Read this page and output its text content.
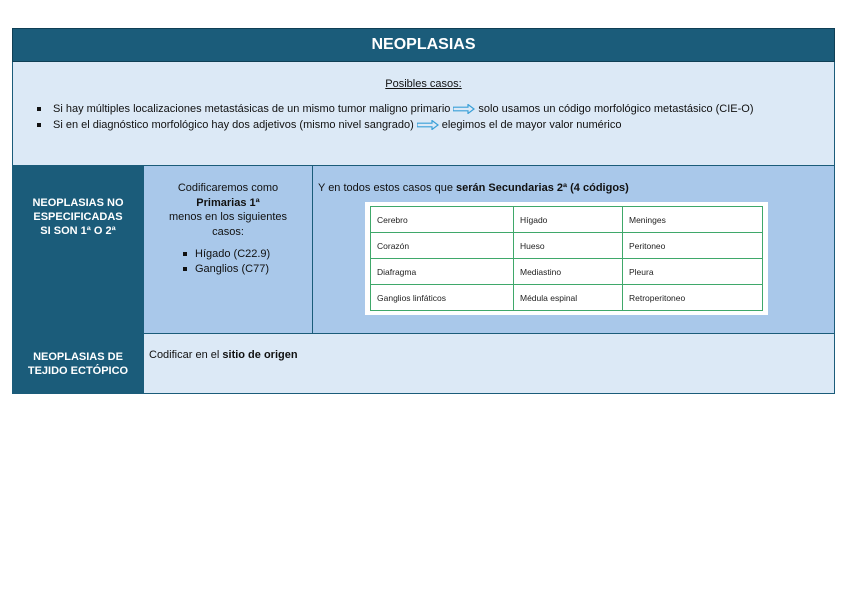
NEOPLASIAS
Posibles casos:
Si hay múltiples localizaciones metastásicas de un mismo tumor maligno primario	solo usamos un código morfológico metastásico (CIE-O)
Si en el diagnóstico morfológico hay dos adjetivos (mismo nivel sangrado)	elegimos el de mayor valor numérico
NEOPLASIAS NO
ESPECIFICADAS
SI SON 1ª O 2ª
Codificaremos como
Primarias 1ª
menos en los siguientes
casos:
Hígado (C22.9)
Ganglios (C77)
Y en todos estos casos que serán Secundarias 2ª (4 códigos)
Cerebro	Hígado	Meninges
Corazón	Hueso	Peritoneo
Diafragma	Mediastino	Pleura
Ganglios linfáticos	Médula espinal	Retroperitoneo
NEOPLASIAS DE
TEJIDO ECTÓPICO
Codificar en el sitio de origen
